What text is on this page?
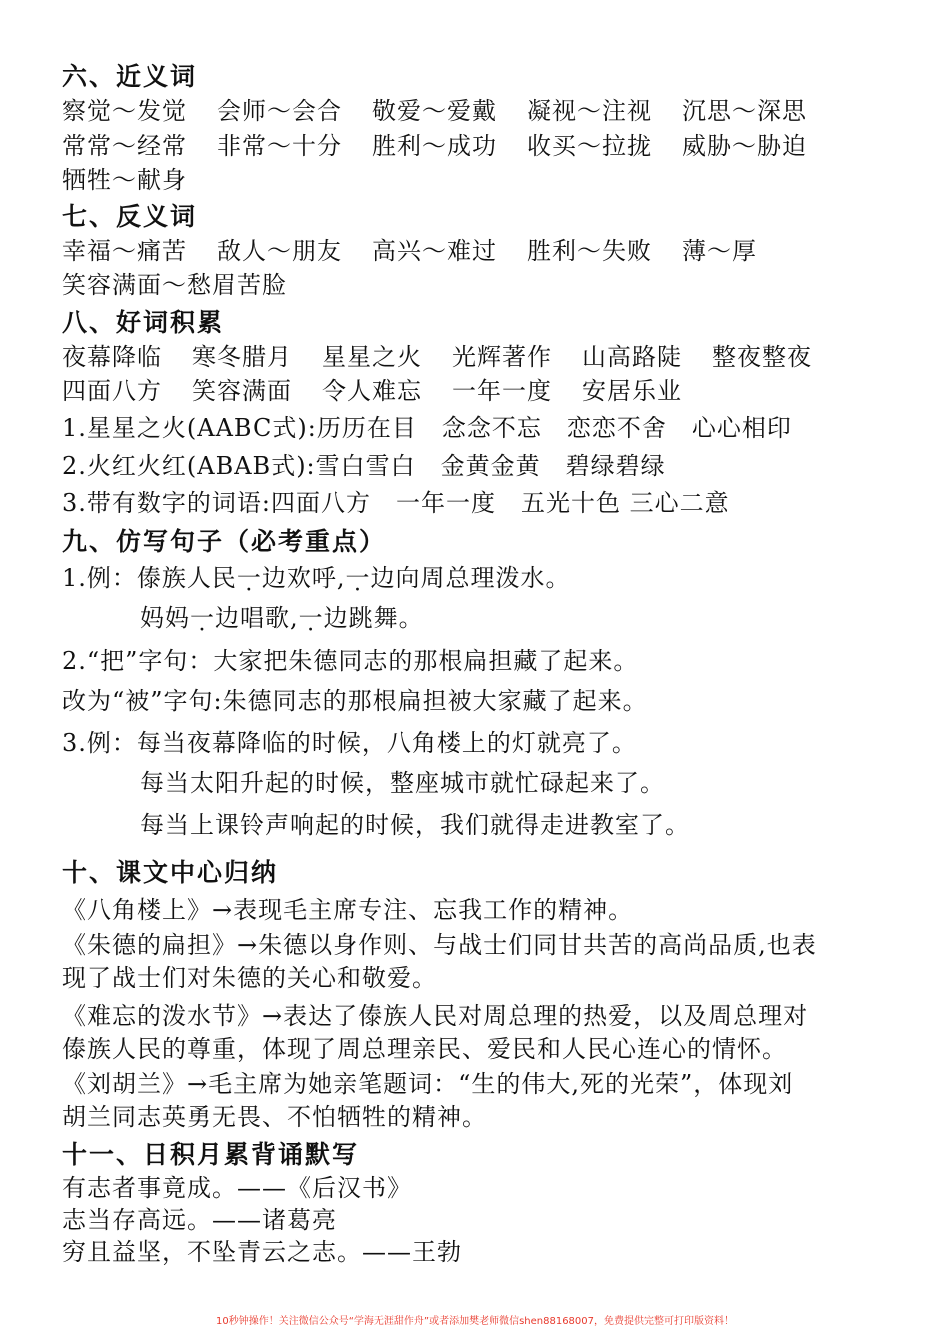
六、近义词
察觉～发觉	会师～会合	敬爱～爱戴	凝视～注视	沉思～深思
常常～经常	非常～十分	胜利～成功	收买～拉拢	威胁～胁迫
牺牲～献身
七、反义词
幸福～痛苦	敌人～朋友	高兴～难过	胜利～失败	薄～厚
笑容满面～愁眉苦脸
八、好词积累
夜幕降临	寒冬腊月	星星之火	光辉著作	山高路陡	整夜整夜
四面八方	笑容满面	令人难忘	一年一度	安居乐业
1.星星之火(AABC式):历历在目　念念不忘　恋恋不舍　心心相印
2.火红火红(ABAB式):雪白雪白　金黄金黄　碧绿碧绿
3.带有数字的词语:四面八方　一年一度　五光十色 三心二意
九、仿写句子（必考重点）
1.例：傣族人民一边欢呼,一边向周总理泼水。
妈妈一边唱歌,一边跳舞。
2.“把”字句：大家把朱德同志的那根扁担藏了起来。
改为“被”字句:朱德同志的那根扁担被大家藏了起来。
3.例：每当夜幕降临的时候，八角楼上的灯就亮了。
每当太阳升起的时候，整座城市就忙碌起来了。
每当上课铃声响起的时候，我们就得走进教室了。
十、课文中心归纳
《八角楼上》→表现毛主席专注、忘我工作的精神。
《朱德的扁担》→朱德以身作则、与战士们同甘共苦的高尚品质,也表
现了战士们对朱德的关心和敬爱。
《难忘的泼水节》→表达了傣族人民对周总理的热爱，以及周总理对
傣族人民的尊重，体现了周总理亲民、爱民和人民心连心的情怀。
《刘胡兰》→毛主席为她亲笔题词：“生的伟大,死的光荣”，体现刘
胡兰同志英勇无畏、不怕牺牲的精神。
十一、日积月累背诵默写
有志者事竟成。——《后汉书》
志当存高远。——诸葛亮
穷且益坚，不坠青云之志。——王勃
10秒钟操作！关注微信公众号“学海无涯甜作舟”或者添加樊老师微信shen88168007，免费提供完整可打印版资料！
